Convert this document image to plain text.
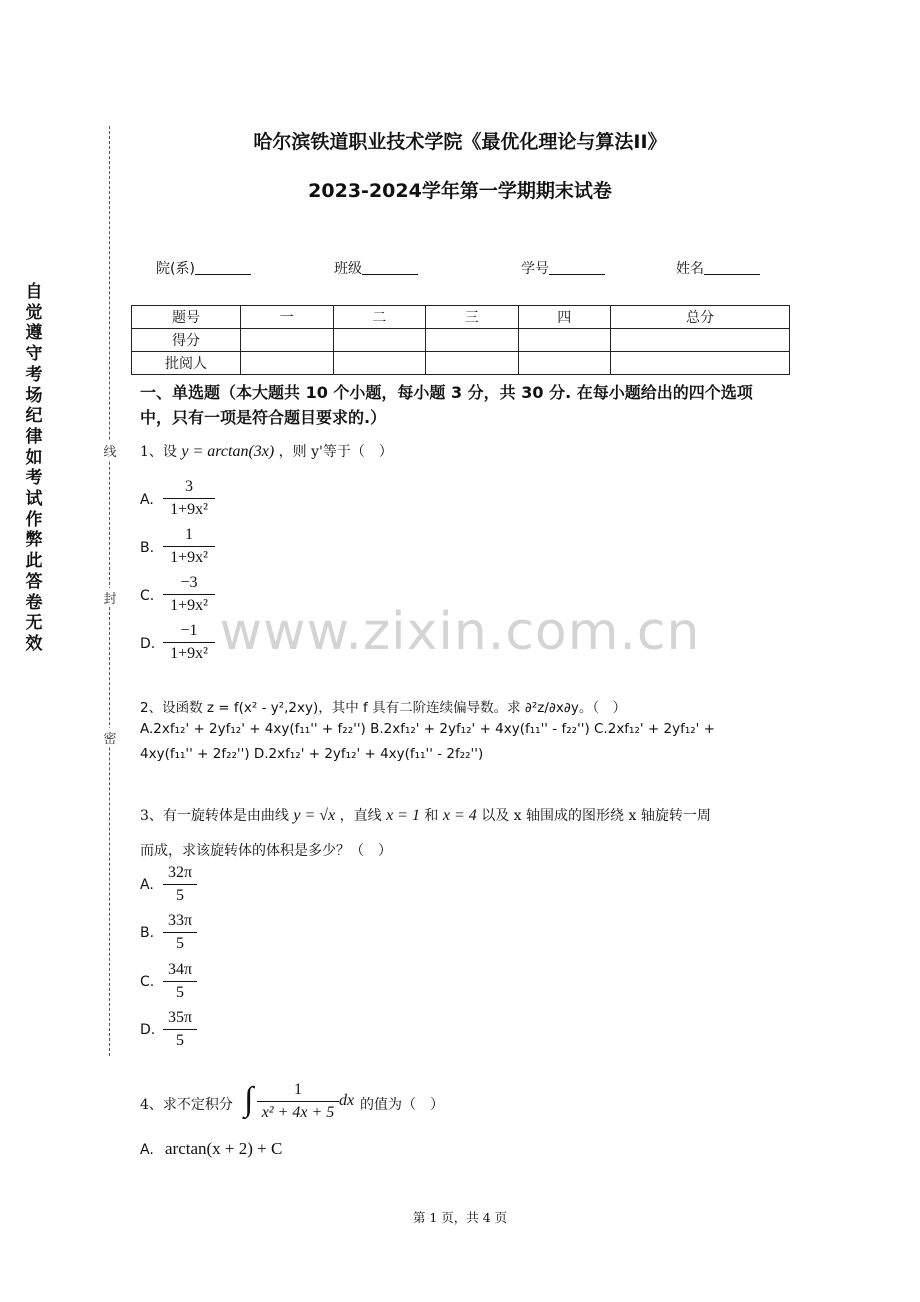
自觉遵守考场纪律如考试作弊此答卷无效
线
封
密
哈尔滨铁道职业技术学院《最优化理论与算法II》
2023-2024学年第一学期期末试卷
院(系)	班级	学号	姓名
题号	一	二	三	四	总分
得分					
批阅人					
一、单选题（本大题共 10 个小题，每小题 3 分，共 30 分. 在每小题给出的四个选项中，只有一项是符合题目要求的.）
1、设 y = arctan(3x) ，则 y'等于（　）
A.
3
1+9x²
B.
1
1+9x²
C.
−3
1+9x²
D.
−1
1+9x² www.zixin.com.cn
2、设函数 z = f(x² - y²,2xy)，其中 f 具有二阶连续偏导数。求 ∂²z/∂x∂y。（　）
A.2xf₁₂' + 2yf₁₂' + 4xy(f₁₁'' + f₂₂'') B.2xf₁₂' + 2yf₁₂' + 4xy(f₁₁'' - f₂₂'') C.2xf₁₂' + 2yf₁₂' +
4xy(f₁₁'' + 2f₂₂'') D.2xf₁₂' + 2yf₁₂' + 4xy(f₁₁'' - 2f₂₂'')
3、有一旋转体是由曲线 y = √x ，直线 x = 1 和 x = 4 以及 x 轴围成的图形绕 x 轴旋转一周
而成，求该旋转体的体积是多少？（　）
A.
32π
5
B.
33π
5
C.
34π
5
D.
35π
5
4、求不定积分 ∫	1
x² + 4x + 5
dx 的值为（　）
A. arctan(x + 2) + C
第 1 页，共 4 页
